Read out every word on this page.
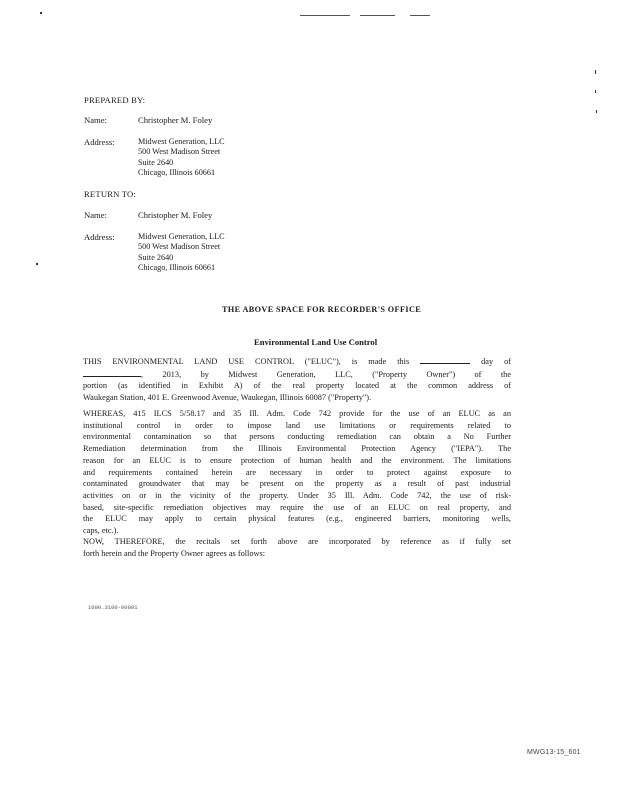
PREPARED BY:
Name:	Christopher M. Foley
Address:	Midwest Generation, LLC
500 West Madison Street
Suite 2640
Chicago, Illinois 60661
RETURN TO:
Name:	Christopher M. Foley
Address:	Midwest Generation, LLC
500 West Madison Street
Suite 2640
Chicago, Illinois 60661
THE ABOVE SPACE FOR RECORDER'S OFFICE
Environmental Land Use Control
THIS ENVIRONMENTAL LAND USE CONTROL ("ELUC"), is made this	day of
, 2013, by Midwest Generation, LLC, ("Property Owner") of the
portion (as identified in Exhibit A) of the real property located at the common address of
Waukegan Station, 401 E. Greenwood Avenue, Waukegan, Illinois 60087 ("Property").
WHEREAS, 415 ILCS 5/58.17 and 35 Ill. Adm. Code 742 provide for the use of an ELUC as an
institutional control in order to impose land use limitations or requirements related to
environmental contamination so that persons conducting remediation can obtain a No Further
Remediation determination from the Illinois Environmental Protection Agency ("IEPA"). The
reason for an ELUC is to ensure protection of human health and the environment. The limitations
and requirements contained herein are necessary in order to protect against exposure to
contaminated groundwater that may be present on the property as a result of past industrial
activities on or in the vicinity of the property. Under 35 Ill. Adm. Code 742, the use of risk-
based, site-specific remediation objectives may require the use of an ELUC on real property, and
the ELUC may apply to certain physical features (e.g., engineered barriers, monitoring wells,
caps, etc.).
NOW, THEREFORE, the recitals set forth above are incorporated by reference as if fully set
forth herein and the Property Owner agrees as follows:
1000.3100-00001
MWG13-15_601
